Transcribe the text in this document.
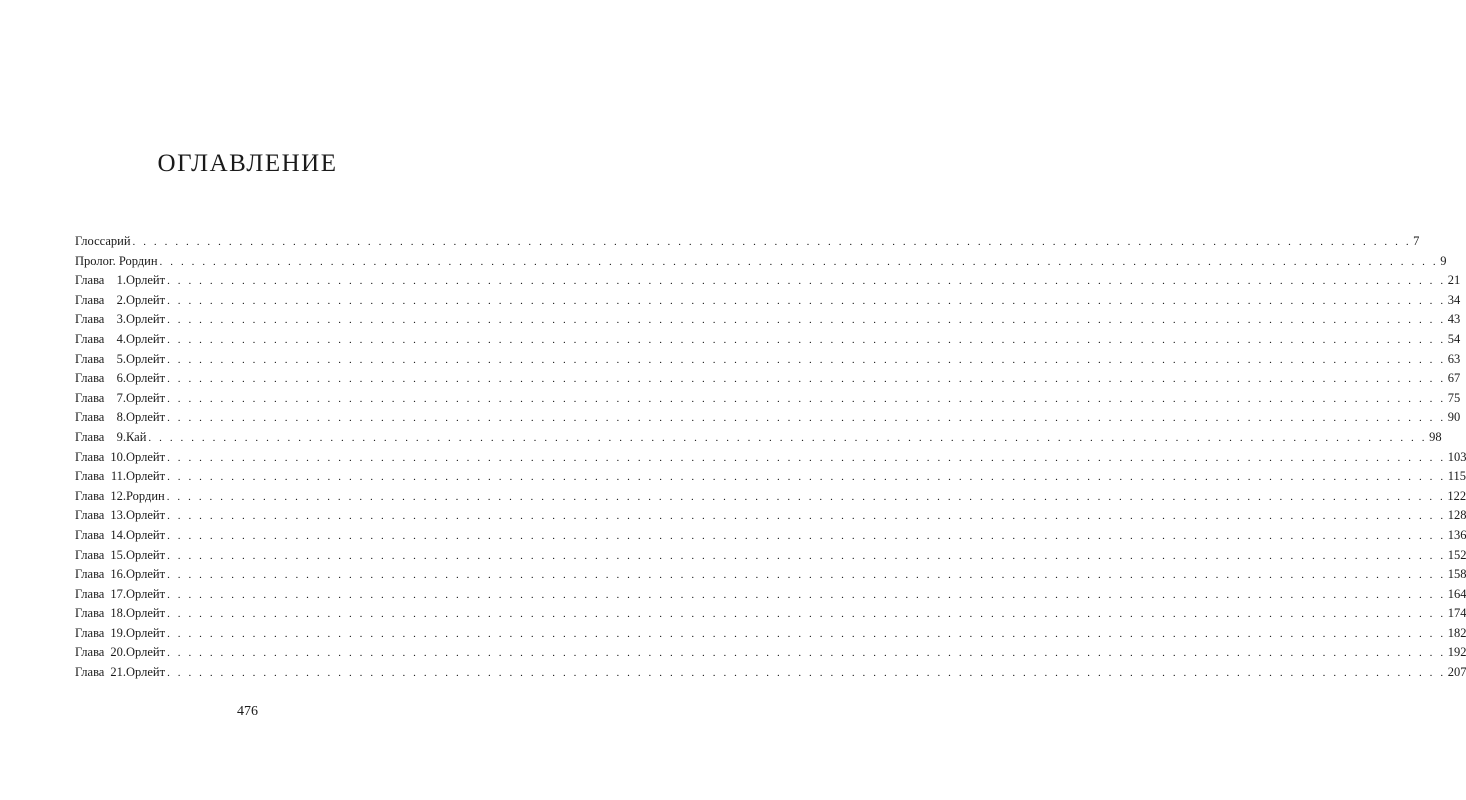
ОГЛАВЛЕНИЕ
Глоссарий . . . . . . . . . . . . . . . . . . . . . . . . . . . . . . . . . . . . . . . . . . . . . . . . . . . . . . . . . . . . . . . . . . . . . . . . . . . . . . . . . . . . . . . . . . . . . . . . . . . . . . . . . . . . . . . . . . . . . . . . 7
Пролог. Рордин . . . . . . . . . . . . . . . . . . . . . . . . . . . . . . . . . . . . . . . . . . . . . . . . . . . . . . . . . . . . . . . . . . . . . . . . . . . . . . . . . . . . . . . . . . . . . . . . . . . . . . . . . . . . . . . . . . . . . . . . 9
Глава 1. Орлейт . . . . . . . . . . . . . . . . . . . . . . . . . . . . . . . . . . . . . . . . . . . . . . . . . . . . . . . . . . . . . . . . . . . . . . . . . . . . . . . . . . . . . . . . . . . . . . . . . . . . . . . . . . . . . . . . . . . . . . . . 21
Глава 2. Орлейт . . . . . . . . . . . . . . . . . . . . . . . . . . . . . . . . . . . . . . . . . . . . . . . . . . . . . . . . . . . . . . . . . . . . . . . . . . . . . . . . . . . . . . . . . . . . . . . . . . . . . . . . . . . . . . . . . . . . . . . . 34
Глава 3. Орлейт . . . . . . . . . . . . . . . . . . . . . . . . . . . . . . . . . . . . . . . . . . . . . . . . . . . . . . . . . . . . . . . . . . . . . . . . . . . . . . . . . . . . . . . . . . . . . . . . . . . . . . . . . . . . . . . . . . . . . . . . 43
Глава 4. Орлейт . . . . . . . . . . . . . . . . . . . . . . . . . . . . . . . . . . . . . . . . . . . . . . . . . . . . . . . . . . . . . . . . . . . . . . . . . . . . . . . . . . . . . . . . . . . . . . . . . . . . . . . . . . . . . . . . . . . . . . . . 54
Глава 5. Орлейт . . . . . . . . . . . . . . . . . . . . . . . . . . . . . . . . . . . . . . . . . . . . . . . . . . . . . . . . . . . . . . . . . . . . . . . . . . . . . . . . . . . . . . . . . . . . . . . . . . . . . . . . . . . . . . . . . . . . . . . . 63
Глава 6. Орлейт . . . . . . . . . . . . . . . . . . . . . . . . . . . . . . . . . . . . . . . . . . . . . . . . . . . . . . . . . . . . . . . . . . . . . . . . . . . . . . . . . . . . . . . . . . . . . . . . . . . . . . . . . . . . . . . . . . . . . . . . 67
Глава 7. Орлейт . . . . . . . . . . . . . . . . . . . . . . . . . . . . . . . . . . . . . . . . . . . . . . . . . . . . . . . . . . . . . . . . . . . . . . . . . . . . . . . . . . . . . . . . . . . . . . . . . . . . . . . . . . . . . . . . . . . . . . . . 75
Глава 8. Орлейт . . . . . . . . . . . . . . . . . . . . . . . . . . . . . . . . . . . . . . . . . . . . . . . . . . . . . . . . . . . . . . . . . . . . . . . . . . . . . . . . . . . . . . . . . . . . . . . . . . . . . . . . . . . . . . . . . . . . . . . . 90
Глава 9. Кай . . . . . . . . . . . . . . . . . . . . . . . . . . . . . . . . . . . . . . . . . . . . . . . . . . . . . . . . . . . . . . . . . . . . . . . . . . . . . . . . . . . . . . . . . . . . . . . . . . . . . . . . . . . . . . . . . . . . . . . . 98
Глава 10. Орлейт . . . . . . . . . . . . . . . . . . . . . . . . . . . . . . . . . . . . . . . . . . . . . . . . . . . . . . . . . . . . . . . . . . . . . . . . . . . . . . . . . . . . . . . . . . . . . . . . . . . . . . . . . . . . . . . . . . . . . . . . 103
Глава 11. Орлейт . . . . . . . . . . . . . . . . . . . . . . . . . . . . . . . . . . . . . . . . . . . . . . . . . . . . . . . . . . . . . . . . . . . . . . . . . . . . . . . . . . . . . . . . . . . . . . . . . . . . . . . . . . . . . . . . . . . . . . . . 115
Глава 12. Рордин . . . . . . . . . . . . . . . . . . . . . . . . . . . . . . . . . . . . . . . . . . . . . . . . . . . . . . . . . . . . . . . . . . . . . . . . . . . . . . . . . . . . . . . . . . . . . . . . . . . . . . . . . . . . . . . . . . . . . . . . 122
Глава 13. Орлейт . . . . . . . . . . . . . . . . . . . . . . . . . . . . . . . . . . . . . . . . . . . . . . . . . . . . . . . . . . . . . . . . . . . . . . . . . . . . . . . . . . . . . . . . . . . . . . . . . . . . . . . . . . . . . . . . . . . . . . . . 128
Глава 14. Орлейт . . . . . . . . . . . . . . . . . . . . . . . . . . . . . . . . . . . . . . . . . . . . . . . . . . . . . . . . . . . . . . . . . . . . . . . . . . . . . . . . . . . . . . . . . . . . . . . . . . . . . . . . . . . . . . . . . . . . . . . . 136
Глава 15. Орлейт . . . . . . . . . . . . . . . . . . . . . . . . . . . . . . . . . . . . . . . . . . . . . . . . . . . . . . . . . . . . . . . . . . . . . . . . . . . . . . . . . . . . . . . . . . . . . . . . . . . . . . . . . . . . . . . . . . . . . . . . 152
Глава 16. Орлейт . . . . . . . . . . . . . . . . . . . . . . . . . . . . . . . . . . . . . . . . . . . . . . . . . . . . . . . . . . . . . . . . . . . . . . . . . . . . . . . . . . . . . . . . . . . . . . . . . . . . . . . . . . . . . . . . . . . . . . . . 158
Глава 17. Орлейт . . . . . . . . . . . . . . . . . . . . . . . . . . . . . . . . . . . . . . . . . . . . . . . . . . . . . . . . . . . . . . . . . . . . . . . . . . . . . . . . . . . . . . . . . . . . . . . . . . . . . . . . . . . . . . . . . . . . . . . . 164
Глава 18. Орлейт . . . . . . . . . . . . . . . . . . . . . . . . . . . . . . . . . . . . . . . . . . . . . . . . . . . . . . . . . . . . . . . . . . . . . . . . . . . . . . . . . . . . . . . . . . . . . . . . . . . . . . . . . . . . . . . . . . . . . . . . 174
Глава 19. Орлейт . . . . . . . . . . . . . . . . . . . . . . . . . . . . . . . . . . . . . . . . . . . . . . . . . . . . . . . . . . . . . . . . . . . . . . . . . . . . . . . . . . . . . . . . . . . . . . . . . . . . . . . . . . . . . . . . . . . . . . . . 182
Глава 20. Орлейт . . . . . . . . . . . . . . . . . . . . . . . . . . . . . . . . . . . . . . . . . . . . . . . . . . . . . . . . . . . . . . . . . . . . . . . . . . . . . . . . . . . . . . . . . . . . . . . . . . . . . . . . . . . . . . . . . . . . . . . . 192
Глава 21. Орлейт . . . . . . . . . . . . . . . . . . . . . . . . . . . . . . . . . . . . . . . . . . . . . . . . . . . . . . . . . . . . . . . . . . . . . . . . . . . . . . . . . . . . . . . . . . . . . . . . . . . . . . . . . . . . . . . . . . . . . . . . 207
476
